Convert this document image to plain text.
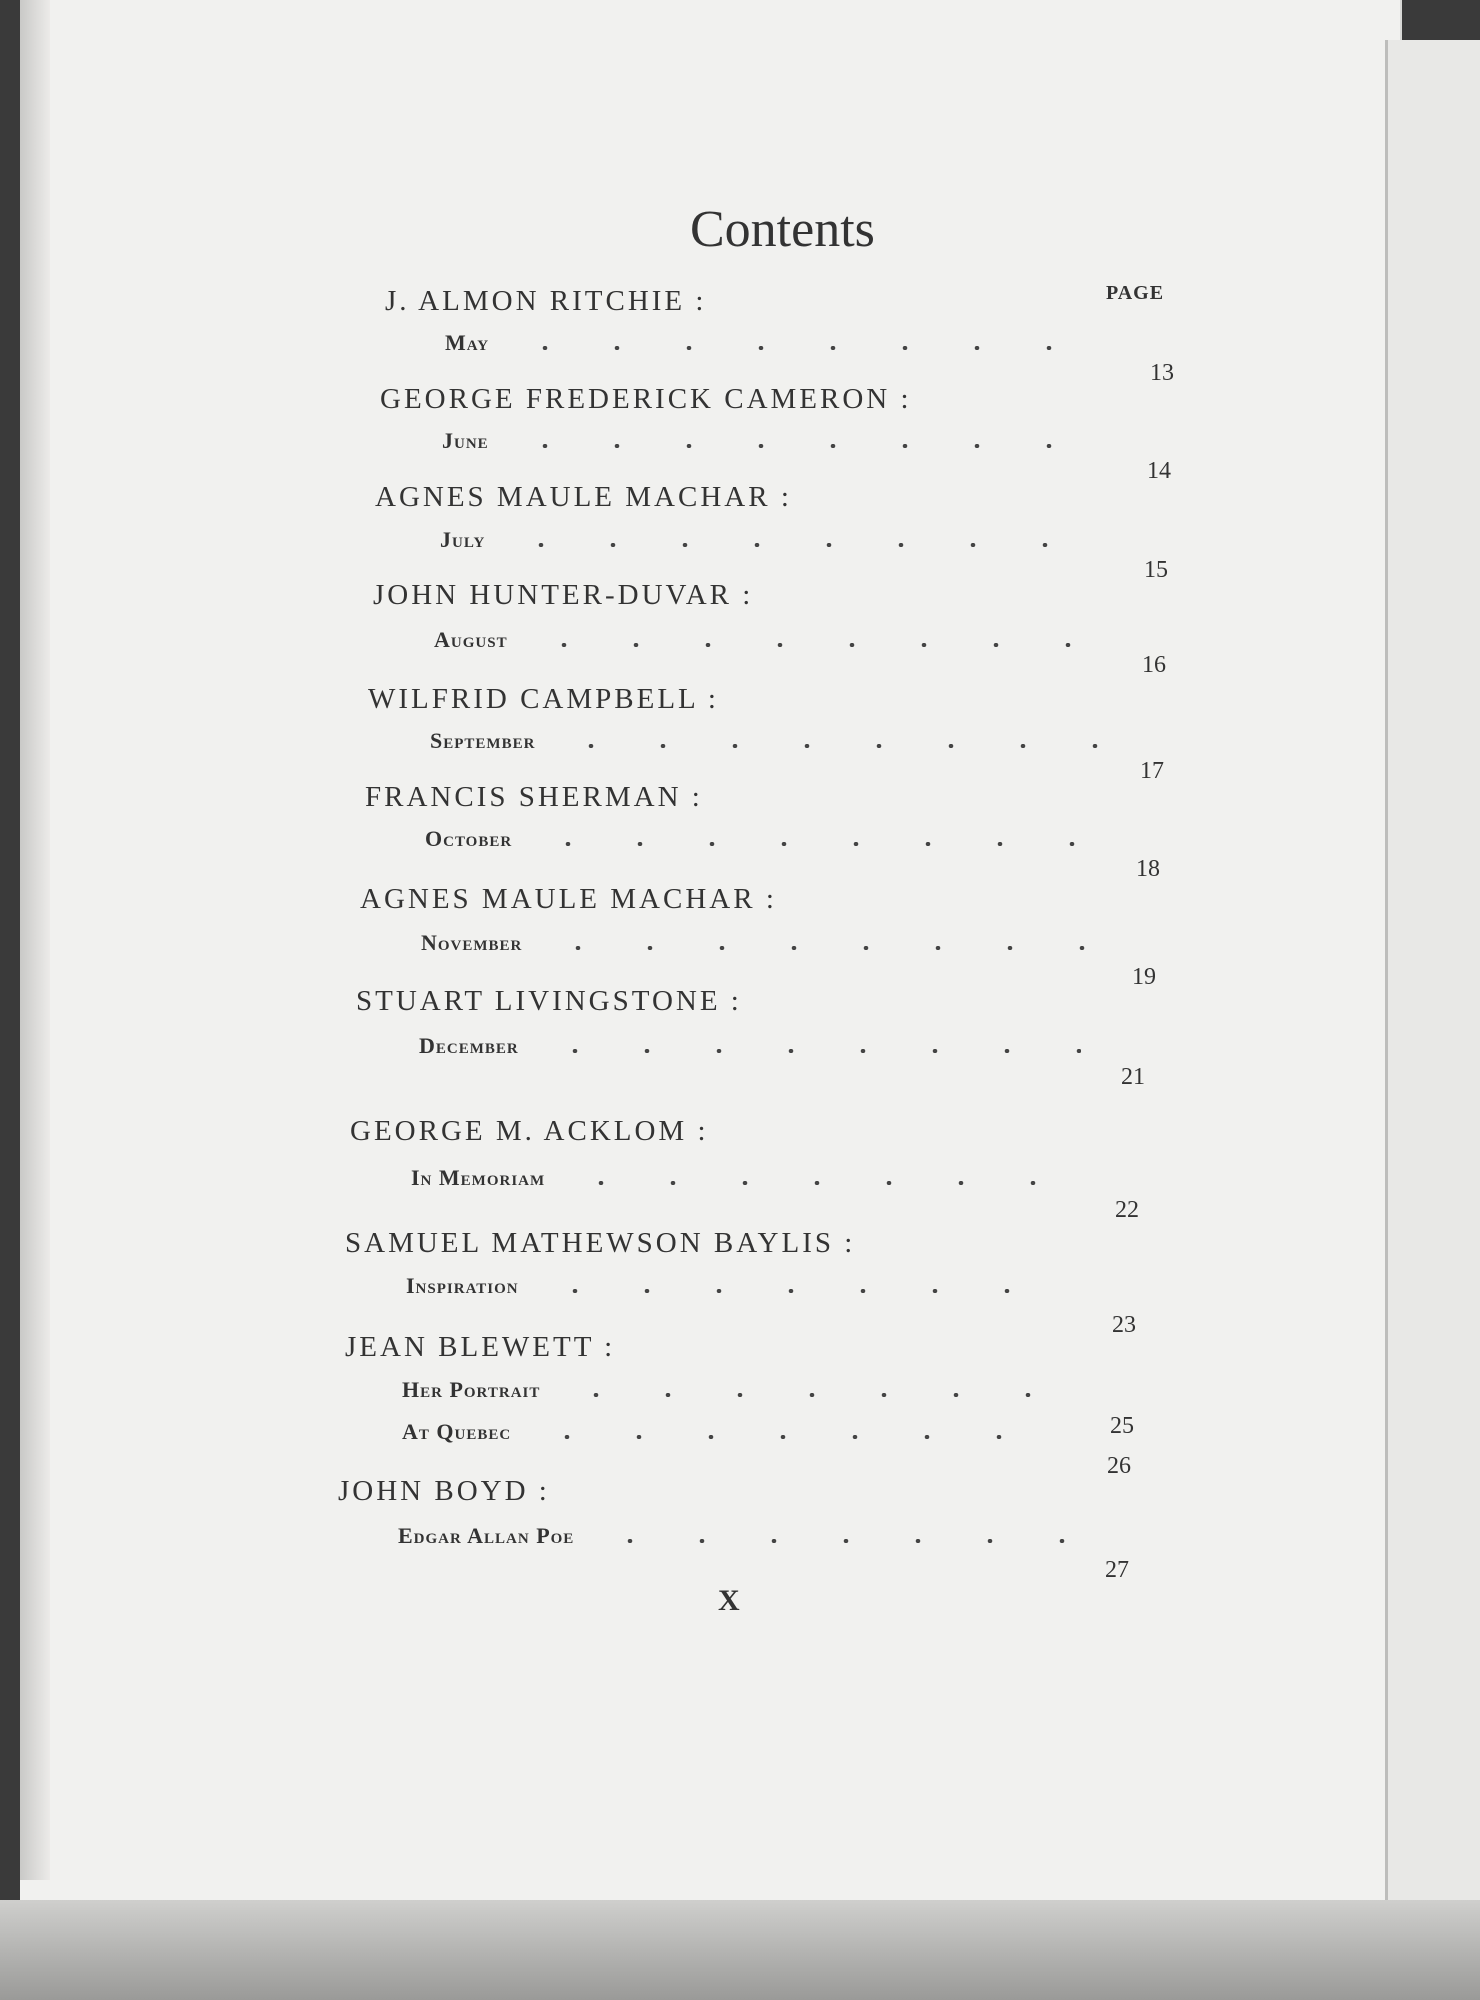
Contents
PAGE
J. ALMON RITCHIE :
May
13
GEORGE FREDERICK CAMERON :
June
14
AGNES MAULE MACHAR :
July
15
JOHN HUNTER-DUVAR :
August
16
WILFRID CAMPBELL :
September
17
FRANCIS SHERMAN :
October
18
AGNES MAULE MACHAR :
November
19
STUART LIVINGSTONE :
December
21
GEORGE M. ACKLOM :
In Memoriam
22
SAMUEL MATHEWSON BAYLIS :
Inspiration
23
JEAN BLEWETT :
Her Portrait
25
At Quebec
26
JOHN BOYD :
Edgar Allan Poe
27
X
